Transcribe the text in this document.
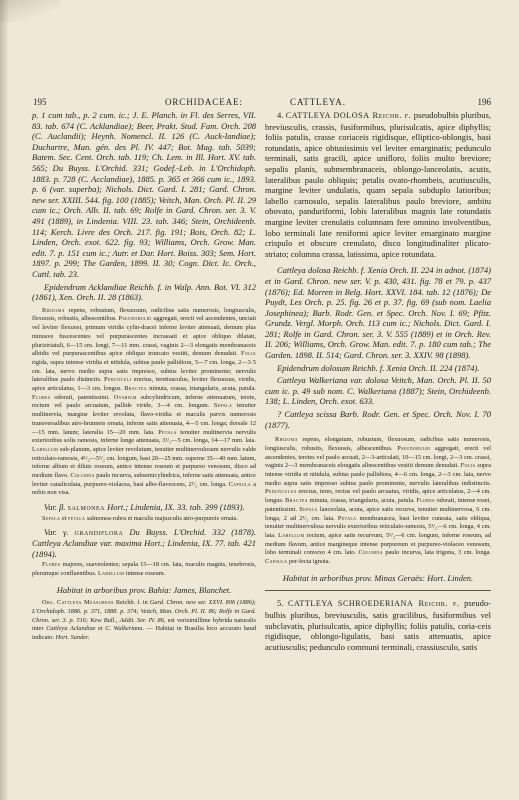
195	ORCHIDACEAE:	CATTLEYA.	196

p. 1 cum tab., p. 2 cum. ic.; J. E. Planch. in Fl. des Serres, VII. 83. tab. 674 (C. Acklandiae); Beer, Prakt. Stud. Fam. Orch. 208 (C. Auclandii); Heynh. Nomencl. II. 126 (C. Auck-landiae); Duchartre, Man. gén. des Pl. IV. 447; Bot. Mag. tab. 5039; Batem. Sec. Cent. Orch. tab. 119; Ch. Lem. in Ill. Hort. XV. tab. 565; Du Buyss. L'Orchid. 331; Godef.-Leb. in L'Orchidoph. 1883. p. 728 (C. Acclandiae), 1885. p. 365 et 366 cum ic., 1893. p. 6 (var. superba); Nichols. Dict. Gard. I. 281; Gard. Chron. new ser. XXIII. 544. fig. 100 (1885); Veitch, Man. Orch. Pl. II. 29 cum ic.; Orch. Alb. II. tab. 69; Rolfe in Gard. Chron. ser. 3. V. 491 (1889), in Lindenia. VIII. 23. tab. 346; Stein, Orchideenb. 114; Kerch. Livre des Orch. 217. fig. 191; Bois, Orch. 82; L. Linden, Orch. exot. 622. fig. 93; Williams, Orch. Grow. Man. edit. 7. p. 151 cum ic.; Autr. et Dar. Hort. Boiss. 303; Sem. Hort. 1897. p. 299; The Garden, 1899. II. 30; Cogn. Dict. Ic. Orch., Cattl. tab. 23.

Epidendrum Acklandiae Reichb. f. in Walp. Ann. Bot. VI. 312 (1861), Xen. Orch. II. 28 (1863).

Rhizoma repens, robustum, flexuosum, radicibus satis numerosis, longiusculis, flexuosis, robustis, albescentibus. Pseudobulbi aggregati, erecti vel ascendentes, unciati vel leviter flexuosi, primum viridis cylin-dracei inferne leviter attenuati, demum plus minusve fuscescentes vel purpurascentes incrassati et apice obliquo dilatati, pluristriatuli, 6—15 cm. longi, 7—11 mm. crassi, vaginis 2—3 elongatis membranaceis albidis vel purpurascentibus apice obliquo truncato vestiti, demum denudati. Folia rigida, supra intense viridia et nitidula, subtus paulo pallidiora, 5—7 cm. longa, 2—3·5 cm. lata, nervo medio supra satis impresso, subtus leviter prominente; nervulis lateralibus paulo distinctis. Pedunculi erectus, teretiusculus, leviter flexuosus, viridis, apice articulatus, 1—3 cm. longus. Bractea minuta, crassa, triangularis, acuta, patula. Flores odorati, patentissimi. Ovarium subcylindricum, inferne attenuatum, terete, rectum vel paulo arcuatum, pallide viride, 3—4 cm. longum. Sepala tenuiter multinervia, margine leviter revoluta, flavo-viridia et maculis parvis numerosis transversalibus atro-brunneis ornata, inferne satis attenuata, 4—5 cm. longa; dorsale 12—15 mm. latum; lateralia 15—20 mm. lata. Petala tenuiter multinervia nervulis exterioribus solis ramosis, inferne longe attenuata, 3¹/₂—5 cm. longa, 14—17 mm. lata. Labellum sub-planum, apice leviter revolutum, tenuiter multinervulosum nervulis valde reticulato-ramosis, 4¹/₂—5¹/₂ cm. longum, basi 20—25 mm. superne 35—40 mm. latum, inferne album et dilute roseum, antice intense roseum et purpureo venosum, disco ad medium flavo. Columna paulo incurva, subsemicylindrica, inferne satis attenuata, antice leviter canaliculata, purpureo-violacea, basi albo-flavescens, 2¹/₂ cm. longa. Capsula a nobis non visa.

Var. β. salmonea Hort.; Lindenia, IX. 33. tab. 399 (1893).

Sepala et petala salmonea-rubra et maculis majusculis atro-purpureis ornata.

Var. γ. grandiflora Du Buyss. L'Orchid. 332 (1878). Cattleya Aclandiae var. maxima Hort.; Lindenia, IX. 77. tab. 421 (1894).

Flores majores, suaveolentes; sepala 15—18 cm. lata, maculis magnis, tenebrosis, plerumque confluentibus. Labellum intense roseum.

Habitat in arboribus prov. Bahia: James, Blanchet.

Obs. Cattleya Measuresii Reichb. f. in Gard. Chron. new ser. XXVI. 806 (1886); L'Orchidoph. 1886. p. 371, 1888. p. 374; Veitch, Man. Orch. Pl. II. 86; Rolfe in Gard. Chron. ser. 3. p. 516; Kew Bull., Addit. Ser. IV. 86, est verisimillime hybrida naturalis inter Cattleya Aclandiae et C. Walkeriana. — Habitat in Brasilia loco accurato haud indicato: Hort. Sander.

4. CATTLEYA DOLOSA Reichb. f. pseudobulbis pluribus, breviusculis, crassis, fusiformibus, plurisulcatis, apice diphyllis; foliis patulis, crasse coriaceis rigidisque, elliptico-oblongis, basi rotundatis, apice obtusissimis vel leviter emarginatis; pedunculo terminali, satis gracili, apice unifloro, foliis multo breviore; sepalis planis, submembranaceis, oblongo-lanceolatis, acutis, lateralibus paulo obliquis; petalis ovato-rhombeis, acutiusculis, margine leviter undulatis, quam sepala subduplo latioribus; labello carnosulo, sepalis lateralibus paulo breviore, ambitu obovato, panduriformi, lobis lateralibus magnis late rotundatis margine leviter crenulatis columnam fere omnino involventibus, lobo terminali late reniformi apice leviter emarginato margine crispulo et obscure crenulato, disco longitudinaliter plicato-striato; columna crassa, latissima, apice rotundata.

Cattleya dolosa Reichb. f. Xenia Orch. II. 224 in adnot. (1874) et in Gard. Chron. new ser. V. p. 430, 431. fig. 78 et 79. p. 437 (1876); Ed. Morren in Belg. Hort. XXVI. 184. tab. 12 (1876); De Puydt, Les Orch. p. 25. fig. 26 et p. 37. fig. 69 (sub nom. Laelia Josephinea); Barb. Rodr. Gen. et Spec. Orch. Nov. I. 69; Pfitz. Grundz. Vergl. Morph. Orch. 113 cum ic.; Nichols. Dict. Gard. I. 281; Rolfe in Gard. Chron. ser. 3. V. 555 (1889) et in Orch. Rev. II. 206; Williams, Orch. Grow. Man. edit. 7. p. 180 cum tab.; The Garden. 1898. II. 514; Gard. Chron. ser. 3. XXIV. 98 (1898).

Epidendrum dolosum Reichb. f. Xenia Orch. II. 224 (1874).

Cattleya Walkeriana var. dolosa Veitch, Man. Orch. Pl. II. 50 cum ic. p. 49 sub nom. C. Walkeriana (1887); Stein, Orchideenb. 138; L. Linden, Orch. exot. 633.

? Cattleya scissa Barb. Rodr. Gen. et Spec. Orch. Nov. I. 70 (1877).

Rhizoma repens, elongatum, robustum, flexuosum, radicibus satis numerosis, longiusculis, robustis, flexuosis, albescentibus. Pseudobulbi aggregati, erecti vel ascendentes, teretes vel paulo arcuati, 2—3-articulati, 10—15 cm. longi, 2—3 cm. crassi, vaginis 2—3 membranaceis elongatis albescentibus vestiti demum denudati. Folia supra intense viridia et nitidula, subtus paulo pallidiora, 4—6 cm. longa, 2—3 cm. lata, nervo medio supra satis impresso subtus paulo prominente, nervulis lateralibus indistinctis. Pedunculus erectus, teres, rectus vel paulo arcuatus, viridis, apice articulatus, 2—4 cm. longus. Bractea minuta, crassa, triangularis, acuta, patula. Flores odorati, intense rosei, patentissimi. Sepala lanceolata, acuta, apice satis recurva, tenuiter multinervosa, 6 cm. longa, 2 ad 2¹/₂ cm. lata. Petala membranacea, basi leviter cuneata, satis obliqua, tenuiter multinervulosa nervulis exterioribus reticulato-ramosis, 5¹/₂—6 cm. longa, 4 cm. lata. Labellum rectum, apice satis recurvum, 5¹/₂—6 cm. longum, inferne roseum, ad medium flavum, antice margineque intense purpureum et purpureo-violaceo venosum, lobo terminali convexo 4 cm. lato. Columna paulo incurva, lata trigona, 3 cm. longa. Capsula per-fecta ignota.

Habitat in arboribus prov. Minas Geraës: Hort. Linden.

5. CATTLEYA SCHROEDERIANA Reichb. f. pseudo-bulbis pluribus, breviusculis, satis gracilibus, fusiformibus vel subclavatis, plurisulcatis, apice diphyllis; foliis patulis, coria-ceis rigidisque, oblongo-ligulatis, basi satis attenuatis, apice acutiusculis; pedunculo communi terminali, crassiusculo, satis
